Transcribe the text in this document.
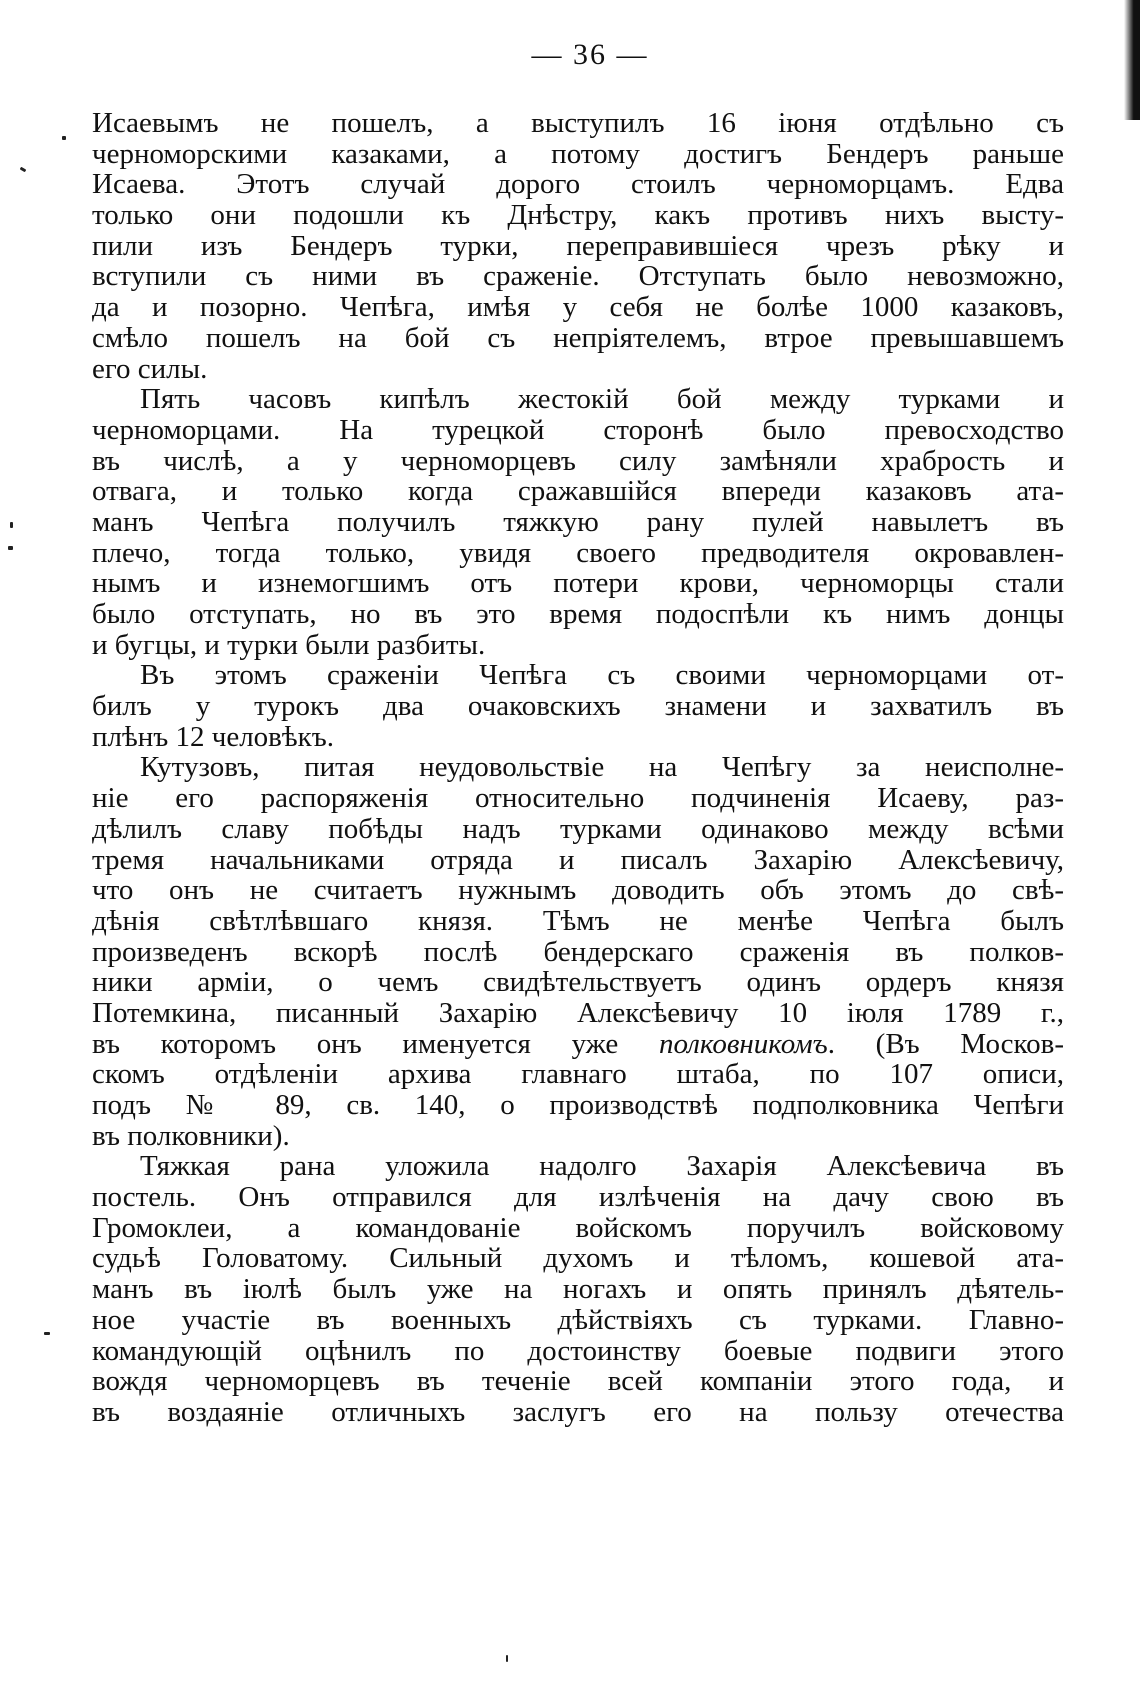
— 36 —
Исаевымъ не пошелъ, а выступилъ 16 іюня отдѣльно съ
черноморскими казаками, а потому достигъ Бендеръ раньше
Исаева. Этотъ случай дорого стоилъ черноморцамъ. Едва
только они подошли къ Днѣстру, какъ противъ нихъ высту-
пили изъ Бендеръ турки, переправившіеся чрезъ рѣку и
вступили съ ними въ сраженіе. Отступать было невозможно,
да и позорно. Чепѣга, имѣя у себя не болѣе 1000 казаковъ,
смѣло пошелъ на бой съ непріятелемъ, втрое превышавшемъ
его силы.
Пять часовъ кипѣлъ жестокій бой между турками и
черноморцами. На турецкой сторонѣ было превосходство
въ числѣ, а у черноморцевъ силу замѣняли храбрость и
отвага, и только когда сражавшійся впереди казаковъ ата-
манъ Чепѣга получилъ тяжкую рану пулей навылетъ въ
плечо, тогда только, увидя своего предводителя окровавлен-
нымъ и изнемогшимъ отъ потери крови, черноморцы стали
было отступать, но въ это время подоспѣли къ нимъ донцы
и бугцы, и турки были разбиты.
Въ этомъ сраженіи Чепѣга съ своими черноморцами от-
билъ у турокъ два очаковскихъ знамени и захватилъ въ
плѣнъ 12 человѣкъ.
Кутузовъ, питая неудовольствіе на Чепѣгу за неисполне-
ніе его распоряженія относительно подчиненія Исаеву, раз-
дѣлилъ славу побѣды надъ турками одинаково между всѣми
тремя начальниками отряда и писалъ Захарію Алексѣевичу,
что онъ не считаетъ нужнымъ доводить объ этомъ до свѣ-
дѣнія свѣтлѣвшаго князя. Тѣмъ не менѣе Чепѣга былъ
произведенъ вскорѣ послѣ бендерскаго сраженія въ полков-
ники арміи, о чемъ свидѣтельствуетъ одинъ ордеръ князя
Потемкина, писанный Захарію Алексѣевичу 10 іюля 1789 г.,
въ которомъ онъ именуется уже полковникомъ. (Въ Москов-
скомъ отдѣленіи архива главнаго штаба, по 107 описи,
подъ № 89, св. 140, о производствѣ подполковника Чепѣги
въ полковники).
Тяжкая рана уложила надолго Захарія Алексѣевича въ
постель. Онъ отправился для излѣченія на дачу свою въ
Громоклеи, а командованіе войскомъ поручилъ войсковому
судьѣ Головатому. Сильный духомъ и тѣломъ, кошевой ата-
манъ въ іюлѣ былъ уже на ногахъ и опять принялъ дѣятель-
ное участіе въ военныхъ дѣйствіяхъ съ турками. Главно-
командующій оцѣнилъ по достоинству боевые подвиги этого
вождя черноморцевъ въ теченіе всей компаніи этого года, и
въ воздаяніе отличныхъ заслугъ его на пользу отечества
